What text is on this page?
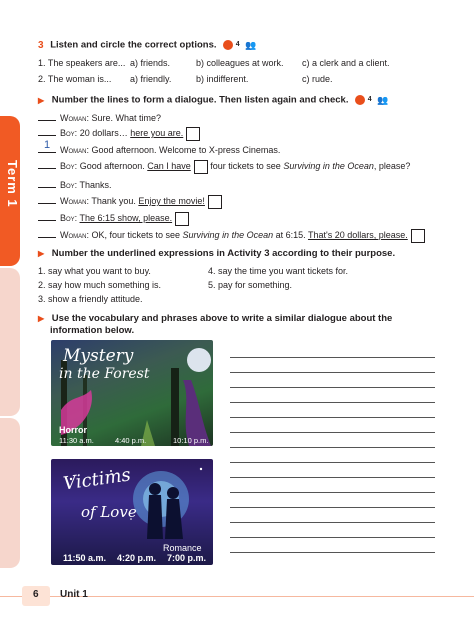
Term 1
3 Listen and circle the correct options.	4 👥
1. The speakers are... a) friends.	b) colleagues at work. c) a clerk and a client.
2. The woman is... a) friendly.	b) indifferent.	c) rude.
▶ Number the lines to form a dialogue. Then listen again and check.	4 👥
Woman: Sure. What time?
Boy: 20 dollars… here you are.
1 Woman: Good afternoon. Welcome to X-press Cinemas.
Boy: Good afternoon. Can I have four tickets to see Surviving in the Ocean, please?
Boy: Thanks.
Woman: Thank you. Enjoy the movie!
Boy: The 6:15 show, please.
Woman: OK, four tickets to see Surviving in the Ocean at 6:15. That's 20 dollars, please.
▶ Number the underlined expressions in Activity 3 according to their purpose.
1. say what you want to buy.
2. say how much something is.
3. show a friendly attitude.
4. say the time you want tickets for.
5. pay for something.
▶ Use the vocabulary and phrases above to write a similar dialogue about the
information below.
Mystery
in the Forest
Horror
11:30 a.m.	4:40 p.m.	10:10 p.m.
Victims
of Love
Romance
11:50 a.m. 4:20 p.m. 7:00 p.m.
6 Unit 1
